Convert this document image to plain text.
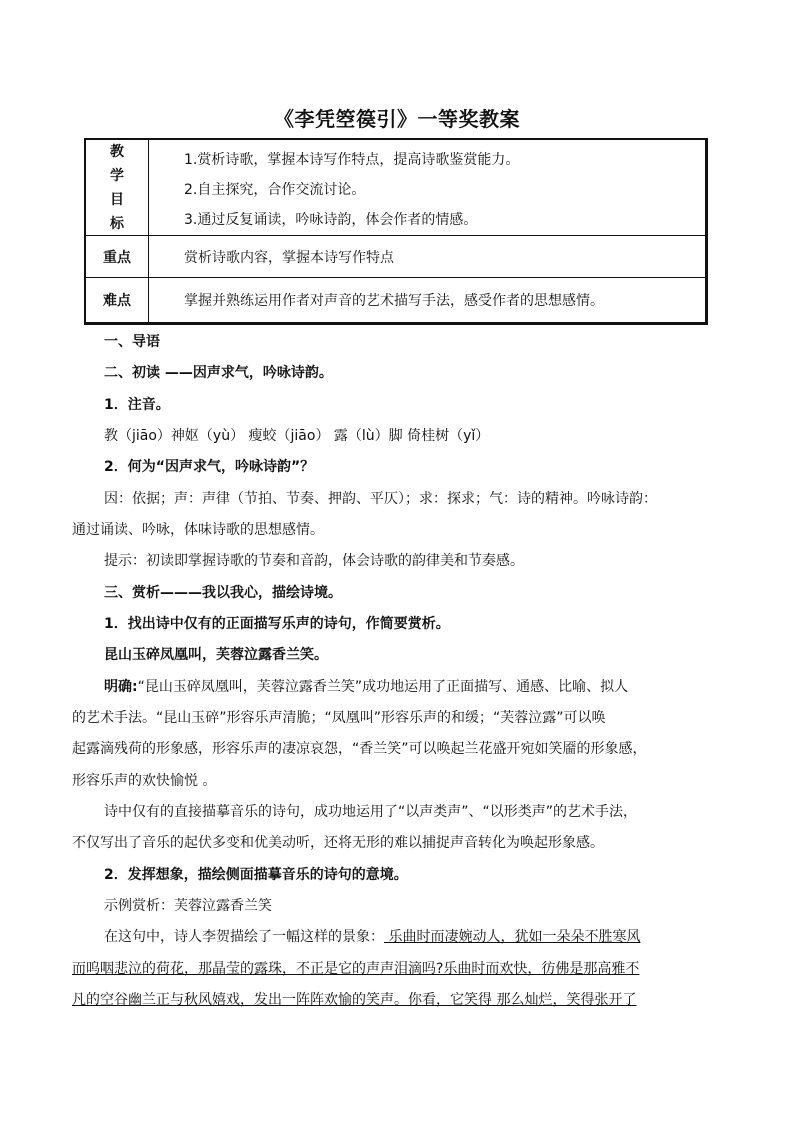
《李凭箜篌引》一等奖教案
教
学
目
标
1.赏析诗歌，掌握本诗写作特点，提高诗歌鉴赏能力。
2.自主探究，合作交流讨论。
3.通过反复诵读，吟咏诗韵，体会作者的情感。
重点	赏析诗歌内容，掌握本诗写作特点
难点	掌握并熟练运用作者对声音的艺术描写手法，感受作者的思想感情。
一、导语
二、初读 ——因声求气，吟咏诗韵。
1．注音。
教（jiāo）神妪（yù） 瘦蛟（jiāo） 露（lù）脚 倚桂树（yǐ）
2．何为“因声求气，吟咏诗韵”？
因：依据；声：声律（节拍、节奏、押韵、平仄）；求：探求；气：诗的精神。吟咏诗韵：
通过诵读、吟咏，体味诗歌的思想感情。
提示：初读即掌握诗歌的节奏和音韵，体会诗歌的韵律美和节奏感。
三、赏析———我以我心，描绘诗境。
1．找出诗中仅有的正面描写乐声的诗句，作简要赏析。
昆山玉碎凤凰叫，芙蓉泣露香兰笑。
明确:“昆山玉碎凤凰叫，芙蓉泣露香兰笑”成功地运用了正面描写、通感、比喻、拟人
的艺术手法。“昆山玉碎”形容乐声清脆；“凤凰叫”形容乐声的和缓；“芙蓉泣露”可以唤
起露滴残荷的形象感，形容乐声的凄凉哀怨，“香兰笑”可以唤起兰花盛开宛如笑靥的形象感，
形容乐声的欢快愉悦 。
诗中仅有的直接描摹音乐的诗句，成功地运用了“以声类声”、“以形类声”的艺术手法，
不仅写出了音乐的起伏多变和优美动听，还将无形的难以捕捉声音转化为唤起形象感。
2．发挥想象，描绘侧面描摹音乐的诗句的意境。
示例赏析：芙蓉泣露香兰笑
在这句中，诗人李贺描绘了一幅这样的景象： 乐曲时而凄婉动人，犹如一朵朵不胜寒风
而呜咽悲泣的荷花，那晶莹的露珠，不正是它的声声泪滴吗?乐曲时而欢快，彷佛是那高雅不
凡的空谷幽兰正与秋风嬉戏，发出一阵阵欢愉的笑声。你看，它笑得 那么灿烂，笑得张开了
